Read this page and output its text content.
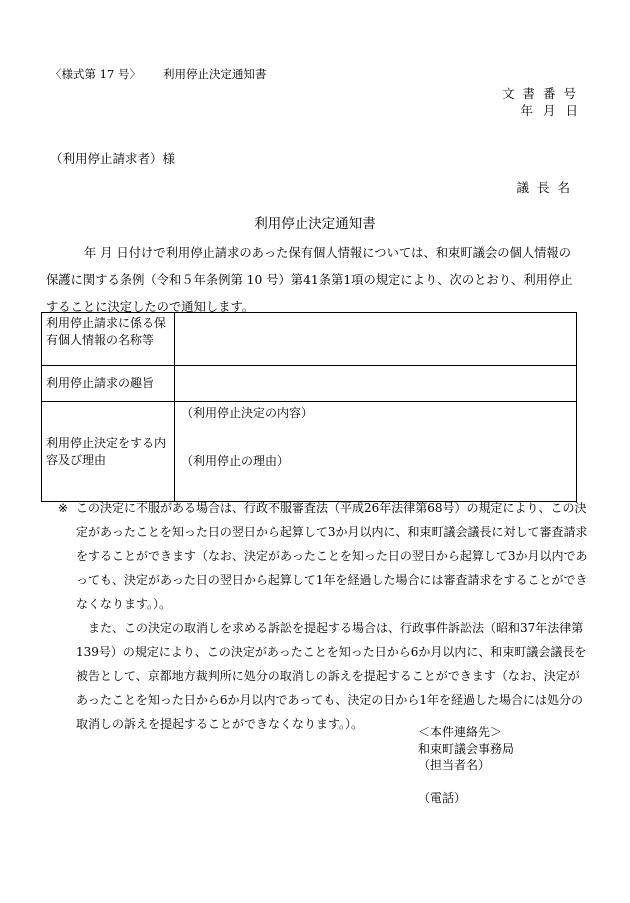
〈様式第 17 号〉 利用停止決定通知書
文 書 番 号
年 月 日
（利用停止請求者）様
議 長 名
利用停止決定通知書

年 月 日付けで利用停止請求のあった保有個人情報については、和束町議会の個人情報の保護に関する条例（令和５年条例第 10 号）第41条第1項の規定により、次のとおり、利用停止することに決定したので通知します。

利用停止請求に係る保有個人情報の名称等	
利用停止請求の趣旨	
利用停止決定をする内容及び理由	（利用停止決定の内容）
（利用停止の理由）

※ この決定に不服がある場合は、行政不服審査法（平成26年法律第68号）の規定により、この決定があったことを知った日の翌日から起算して3か月以内に、和束町議会議長に対して審査請求をすることができます（なお、決定があったことを知った日の翌日から起算して3か月以内であっても、決定があった日の翌日から起算して1年を経過した場合には審査請求をすることができなくなります。）。

また、この決定の取消しを求める訴訟を提起する場合は、行政事件訴訟法（昭和37年法律第139号）の規定により、この決定があったことを知った日から6か月以内に、和束町議会議長を被告として、京都地方裁判所に処分の取消しの訴えを提起することができます（なお、決定があったことを知った日から6か月以内であっても、決定の日から1年を経過した場合には処分の取消しの訴えを提起することができなくなります。）。

＜本件連絡先＞
和束町議会事務局
（担当者名）
（電話）
